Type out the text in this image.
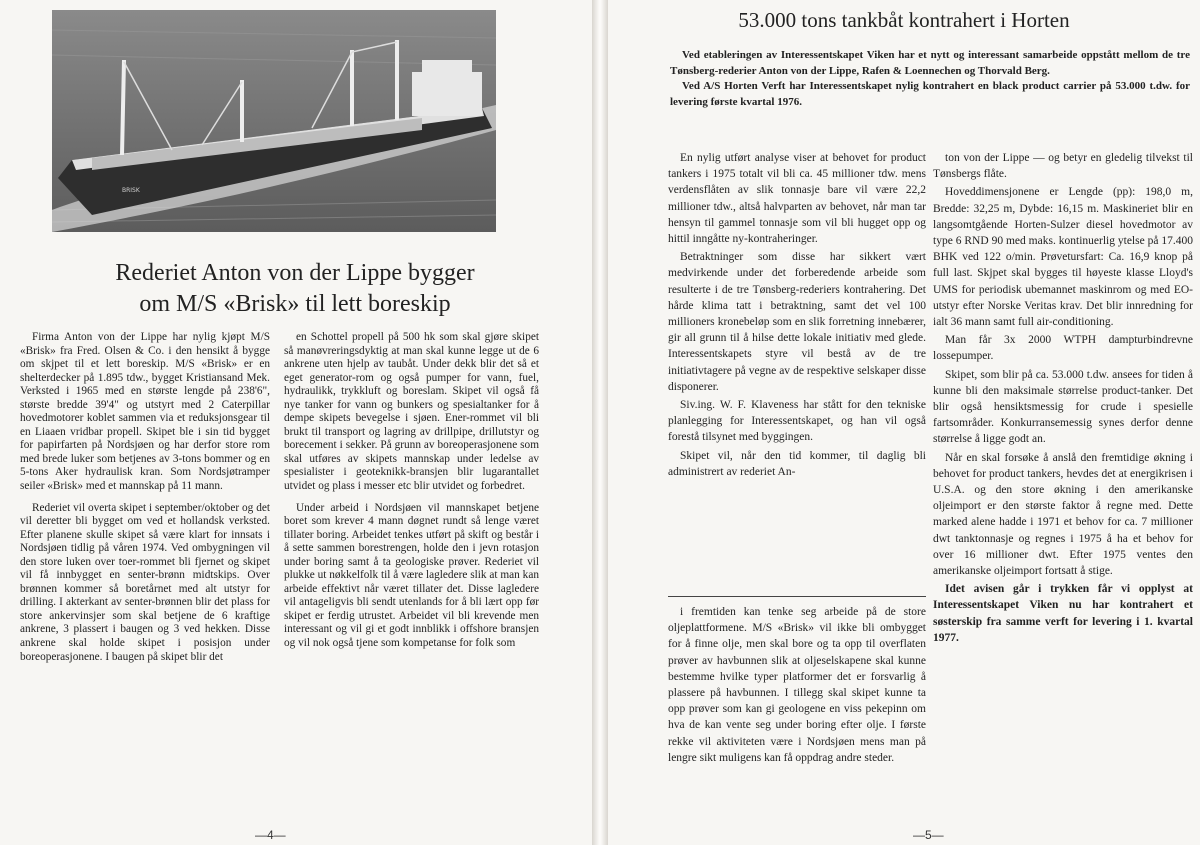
BRISK
Rederiet Anton von der Lippe bygger
om M/S «Brisk» til lett boreskip

Firma Anton von der Lippe har nylig kjøpt M/S «Brisk» fra Fred. Olsen & Co. i den hensikt å bygge om skjpet til et lett boreskip. M/S «Brisk» er en shelterdecker på 1.895 tdw., bygget Kristiansand Mek. Verksted i 1965 med en største lengde på 238'6", største bredde 39'4" og utstyrt med 2 Caterpillar hovedmotorer koblet sammen via et reduksjonsgear til en Liaaen vridbar propell. Skipet ble i sin tid bygget for papirfarten på Nordsjøen og har derfor store rom med brede luker som betjenes av 3-tons bommer og en 5-tons Aker hydraulisk kran. Som Nordsjøtramper seiler «Brisk» med et mannskap på 11 mann.

Rederiet vil overta skipet i september/oktober og det vil deretter bli bygget om ved et hollandsk verksted. Efter planene skulle skipet så være klart for innsats i Nordsjøen tidlig på våren 1974. Ved ombygningen vil den store luken over toer-rommet bli fjernet og skipet vil få innbygget en senter-brønn midtskips. Over brønnen kommer så boretårnet med alt utstyr for drilling. I akterkant av senter-brønnen blir det plass for store ankervinsjer som skal betjene de 6 kraftige ankrene, 3 plassert i baugen og 3 ved hekken. Disse ankrene skal holde skipet i posisjon under boreoperasjonene. I baugen på skipet blir det

en Schottel propell på 500 hk som skal gjøre skipet så manøvreringsdyktig at man skal kunne legge ut de 6 ankrene uten hjelp av taubåt. Under dekk blir det så et eget generator-rom og også pumper for vann, fuel, hydraulikk, trykkluft og boreslam. Skipet vil også få nye tanker for vann og bunkers og spesialtanker for å dempe skipets bevegelse i sjøen. Ener-rommet vil bli brukt til transport og lagring av drillpipe, drillutstyr og borecement i sekker. På grunn av boreoperasjonene som skal utføres av skipets mannskap under ledelse av spesialister i geoteknikk-bransjen blir lugarantallet utvidet og plass i messer etc blir utvidet og forbedret.

Under arbeid i Nordsjøen vil mannskapet betjene boret som krever 4 mann døgnet rundt så lenge været tillater boring. Arbeidet tenkes utført på skift og består i å sette sammen borestrengen, holde den i jevn rotasjon under boring samt å ta geologiske prøver. Rederiet vil plukke ut nøkkelfolk til å være lagledere slik at man kan arbeide effektivt når været tillater det. Disse lagledere vil antageligvis bli sendt utenlands for å bli lært opp før skipet er ferdig utrustet. Arbeidet vil bli krevende men interessant og vil gi et godt innblikk i offshore bransjen og vil nok også tjene som kompetanse for folk som

—4—
53.000 tons tankbåt kontrahert i Horten

Ved etableringen av Interessentskapet Viken har et nytt og interessant samarbeide oppstått mellom de tre Tønsberg-rederier Anton von der Lippe, Rafen & Loennechen og Thorvald Berg.

Ved A/S Horten Verft har Interessentskapet nylig kontrahert en black product carrier på 53.000 t.dw. for levering første kvartal 1976.

En nylig utført analyse viser at behovet for product tankers i 1975 totalt vil bli ca. 45 millioner tdw. mens verdensflåten av slik tonnasje bare vil være 22,2 millioner tdw., altså halvparten av behovet, når man tar hensyn til gammel tonnasje som vil bli hugget opp og hittil inngåtte ny-kontraheringer.

Betraktninger som disse har sikkert vært medvirkende under det forberedende arbeide som resulterte i de tre Tønsberg-rederiers kontrahering. Det hårde klima tatt i betraktning, samt det vel 100 millioners kronebeløp som en slik forretning innebærer, gir all grunn til å hilse dette lokale initiativ med glede. Interessentskapets styre vil bestå av de tre initiativtagere på vegne av de respektive selskaper disse disponerer.

Siv.ing. W. F. Klaveness har stått for den tekniske planlegging for Interessentskapet, og han vil også forestå tilsynet med byggingen.

Skipet vil, når den tid kommer, til daglig bli administrert av rederiet An-

i fremtiden kan tenke seg arbeide på de store oljeplattformene. M/S «Brisk» vil ikke bli ombygget for å finne olje, men skal bore og ta opp til overflaten prøver av havbunnen slik at oljeselskapene skal kunne bestemme hvilke typer platformer det er forsvarlig å plassere på havbunnen. I tillegg skal skipet kunne ta opp prøver som kan gi geologene en viss pekepinn om hva de kan vente seg under boring efter olje. I første rekke vil aktiviteten være i Nordsjøen mens man på lengre sikt muligens kan få oppdrag andre steder.

ton von der Lippe — og betyr en gledelig tilvekst til Tønsbergs flåte.

Hoveddimensjonene er Lengde (pp): 198,0 m, Bredde: 32,25 m, Dybde: 16,15 m. Maskineriet blir en langsomtgående Horten-Sulzer diesel hovedmotor av type 6 RND 90 med maks. kontinuerlig ytelse på 17.400 BHK ved 122 o/min. Prøvetursfart: Ca. 16,9 knop på full last. Skjpet skal bygges til høyeste klasse Lloyd's UMS for periodisk ubemannet maskinrom og med EO-utstyr efter Norske Veritas krav. Det blir innredning for ialt 36 mann samt full air-conditioning.

Man får 3x 2000 WTPH dampturbindrevne lossepumper.

Skipet, som blir på ca. 53.000 t.dw. ansees for tiden å kunne bli den maksimale størrelse product-tanker. Det blir også hensiktsmessig for crude i spesielle fartsområder. Konkurransemessig synes derfor denne størrelse å ligge godt an.

Når en skal forsøke å anslå den fremtidige økning i behovet for product tankers, hevdes det at energikrisen i U.S.A. og den store økning i den amerikanske oljeimport er den største faktor å regne med. Dette marked alene hadde i 1971 et behov for ca. 7 millioner dwt tanktonnasje og regnes i 1975 å ha et behov for over 16 millioner dwt. Efter 1975 ventes den amerikanske oljeimport fortsatt å stige.

Idet avisen går i trykken får vi opplyst at Interessentskapet Viken nu har kontrahert et søsterskip fra samme verft for levering i 1. kvartal 1977.

—5—
